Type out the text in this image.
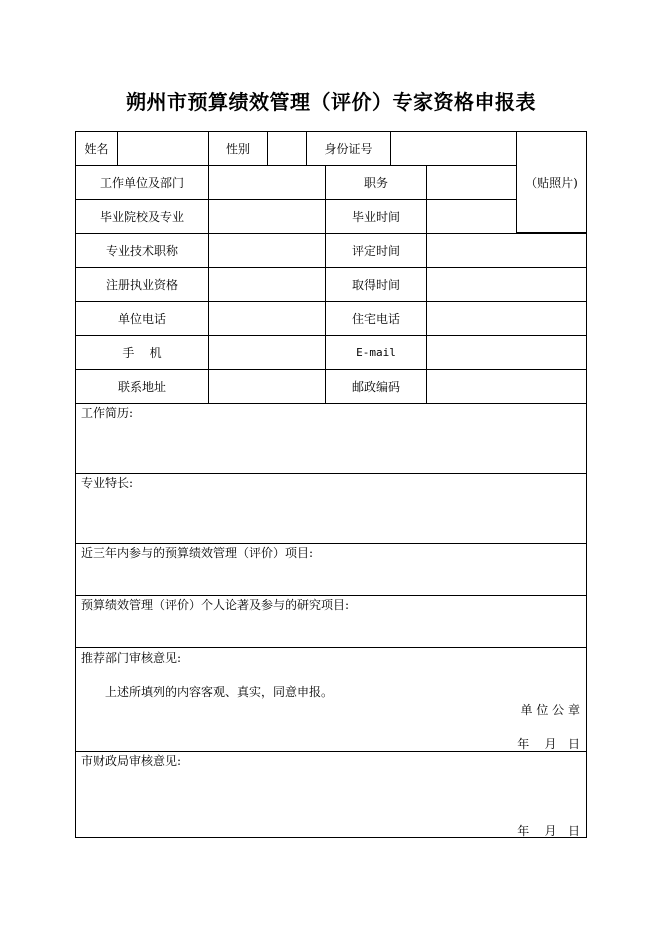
朔州市预算绩效管理（评价）专家资格申报表
姓名	性别	身份证号
（贴照片)
工作单位及部门	职务
毕业院校及专业	毕业时间
专业技术职称	评定时间
注册执业资格	取得时间
单位电话	住宅电话
手    机	E-mail
联系地址	邮政编码
工作简历:
专业特长:
近三年内参与的预算绩效管理（评价）项目:
预算绩效管理（评价）个人论著及参与的研究项目:
推荐部门审核意见:
上述所填列的内容客观、真实，同意申报。
单 位 公 章
年    月   日
市财政局审核意见:
年    月   日
